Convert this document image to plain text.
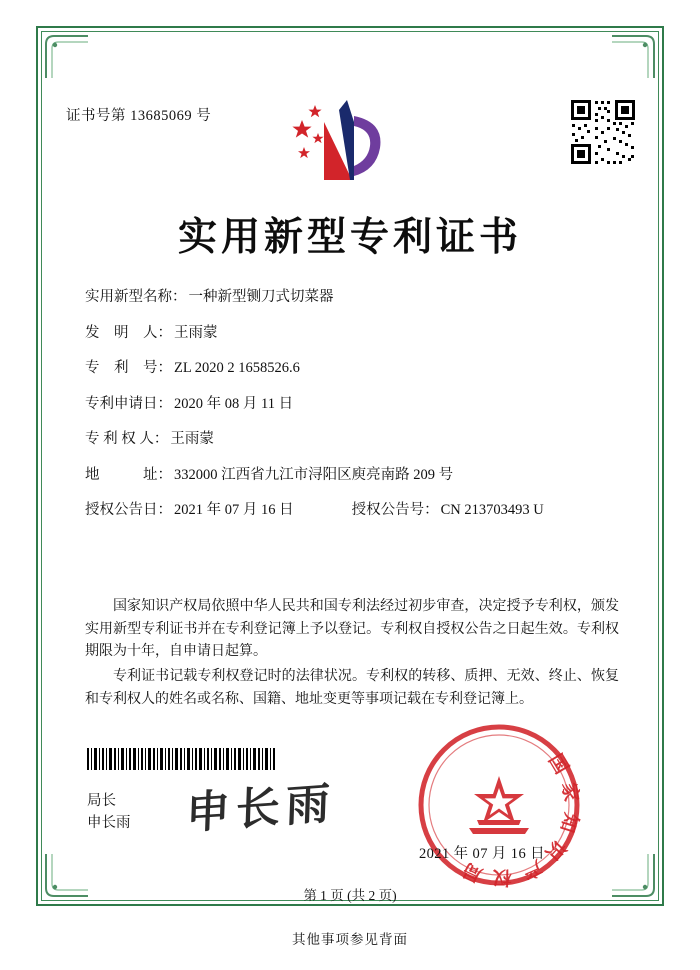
证书号第 13685069 号
实用新型专利证书
实用新型名称： 一种新型铡刀式切菜器
发　明　人： 王雨蒙
专　利　号： ZL 2020 2 1658526.6
专利申请日： 2020 年 08 月 11 日
专 利 权 人： 王雨蒙
地　　　址： 332000 江西省九江市浔阳区庾亮南路 209 号
授权公告日： 2021 年 07 月 16 日	授权公告号： CN 213703493 U

国家知识产权局依照中华人民共和国专利法经过初步审查，决定授予专利权，颁发实用新型专利证书并在专利登记簿上予以登记。专利权自授权公告之日起生效。专利权期限为十年，自申请日起算。

专利证书记载专利权登记时的法律状况。专利权的转移、质押、无效、终止、恢复和专利权人的姓名或名称、国籍、地址变更等事项记载在专利登记簿上。

局长
申长雨 申长雨
国家知识产权局
2021 年 07 月 16 日
第 1 页 (共 2 页)
其他事项参见背面
